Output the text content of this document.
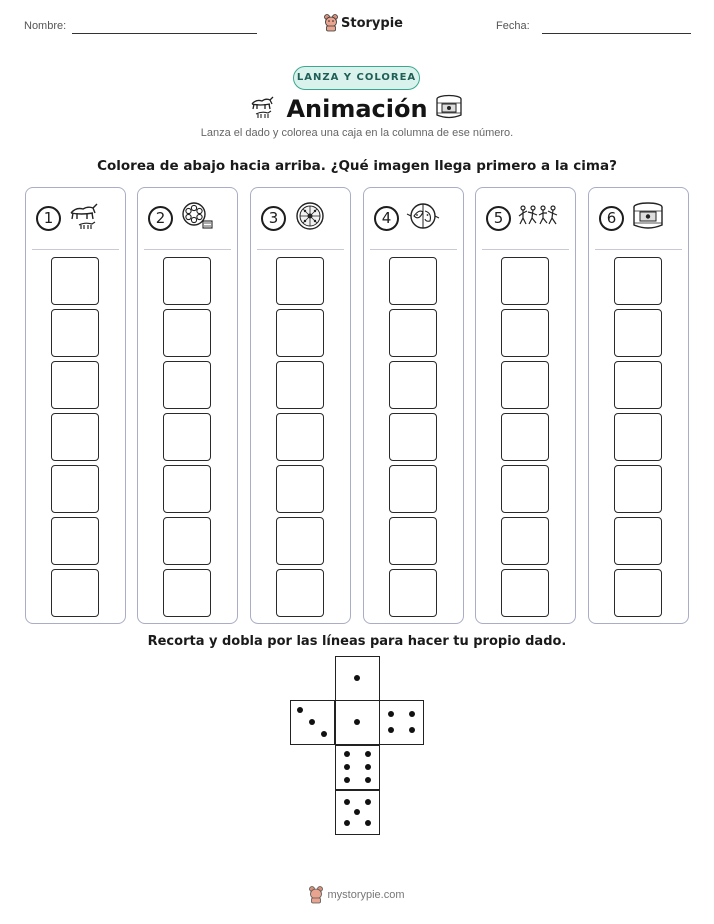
Nombre:	Storypie	Fecha:
LANZA Y COLOREA
Animación
Lanza el dado y colorea una caja en la columna de ese número.
Colorea de abajo hacia arriba. ¿Qué imagen llega primero a la cima?
1	2	3	4	5	6
Recorta y dobla por las líneas para hacer tu propio dado.
mystorypie.com
